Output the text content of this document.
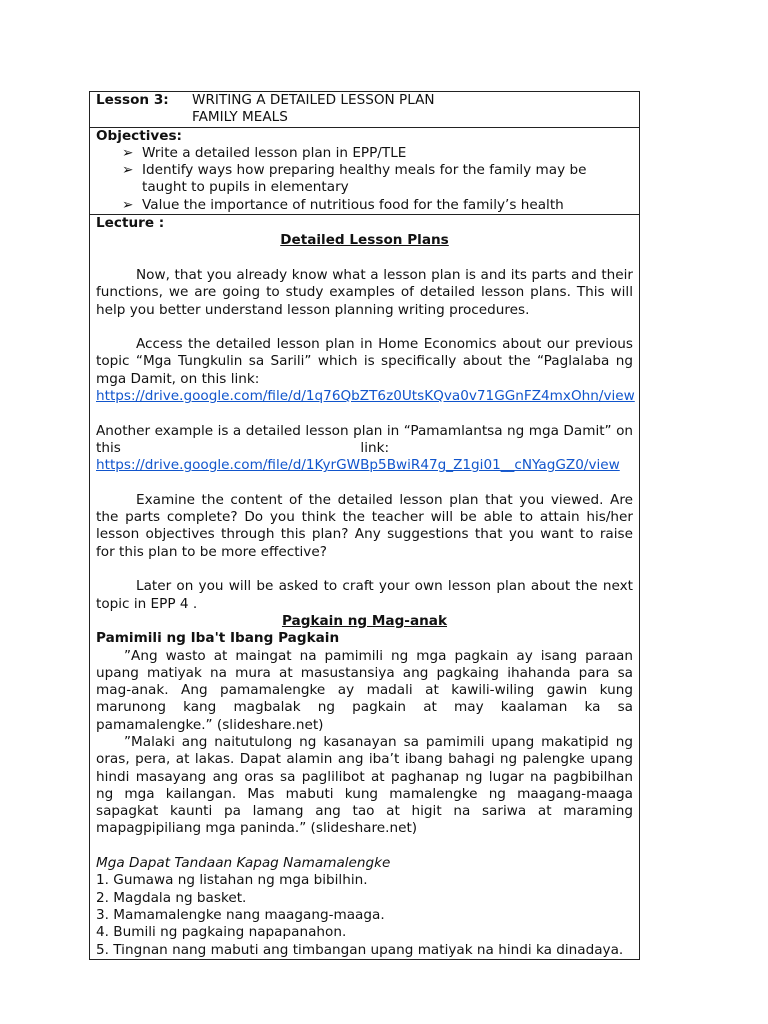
Lesson 3:	WRITING A DETAILED LESSON PLAN
FAMILY MEALS
Objectives:
➢ Write a detailed lesson plan in EPP/TLE
➢ Identify ways how preparing healthy meals for the family may be taught to pupils in elementary
➢ Value the importance of nutritious food for the family’s health
Lecture :
Detailed Lesson Plans
Now, that you already know what a lesson plan is and its parts and their functions, we are going to study examples of detailed lesson plans. This will help you better understand lesson planning writing procedures.
Access the detailed lesson plan in Home Economics about our previous topic “Mga Tungkulin sa Sarili” which is specifically about the “Paglalaba ng mga Damit, on this link:
https://drive.google.com/file/d/1q76QbZT6z0UtsKQva0v71GGnFZ4mxOhn/view
Another example is a detailed lesson plan in “Pamamlantsa ng mga Damit” on this link:   https://drive.google.com/file/d/1KyrGWBp5BwiR47g_Z1gi01__cNYagGZ0/view
Examine the content of the detailed lesson plan that you viewed. Are the parts complete? Do you think the teacher will be able to attain his/her lesson objectives through this plan? Any suggestions that you want to raise for this plan to be more effective?
Later on you will be asked to craft your own lesson plan about the next topic in EPP 4 .
Pagkain ng Mag-anak
Pamimili ng Iba't Ibang Pagkain
”Ang wasto at maingat na pamimili ng mga pagkain ay isang paraan upang matiyak na mura at masustansiya ang pagkaing ihahanda para sa mag-anak. Ang pamamalengke ay madali at kawili-wiling gawin kung marunong kang magbalak ng pagkain at may kaalaman ka sa pamamalengke.” (slideshare.net)
”Malaki ang naitutulong ng kasanayan sa pamimili upang makatipid ng oras, pera, at lakas. Dapat alamin ang iba’t ibang bahagi ng palengke upang hindi masayang ang oras sa paglilibot at paghanap ng lugar na pagbibilhan ng mga kailangan. Mas mabuti kung mamalengke ng maagang-maaga sapagkat kaunti pa lamang ang tao at higit na sariwa at maraming mapagpipiliang mga paninda.” (slideshare.net)
Mga Dapat Tandaan Kapag Namamalengke
1. Gumawa ng listahan ng mga bibilhin.
2. Magdala ng basket.
3. Mamamalengke nang maagang-maaga.
4. Bumili ng pagkaing napapanahon.
5. Tingnan nang mabuti ang timbangan upang matiyak na hindi ka dinadaya.
